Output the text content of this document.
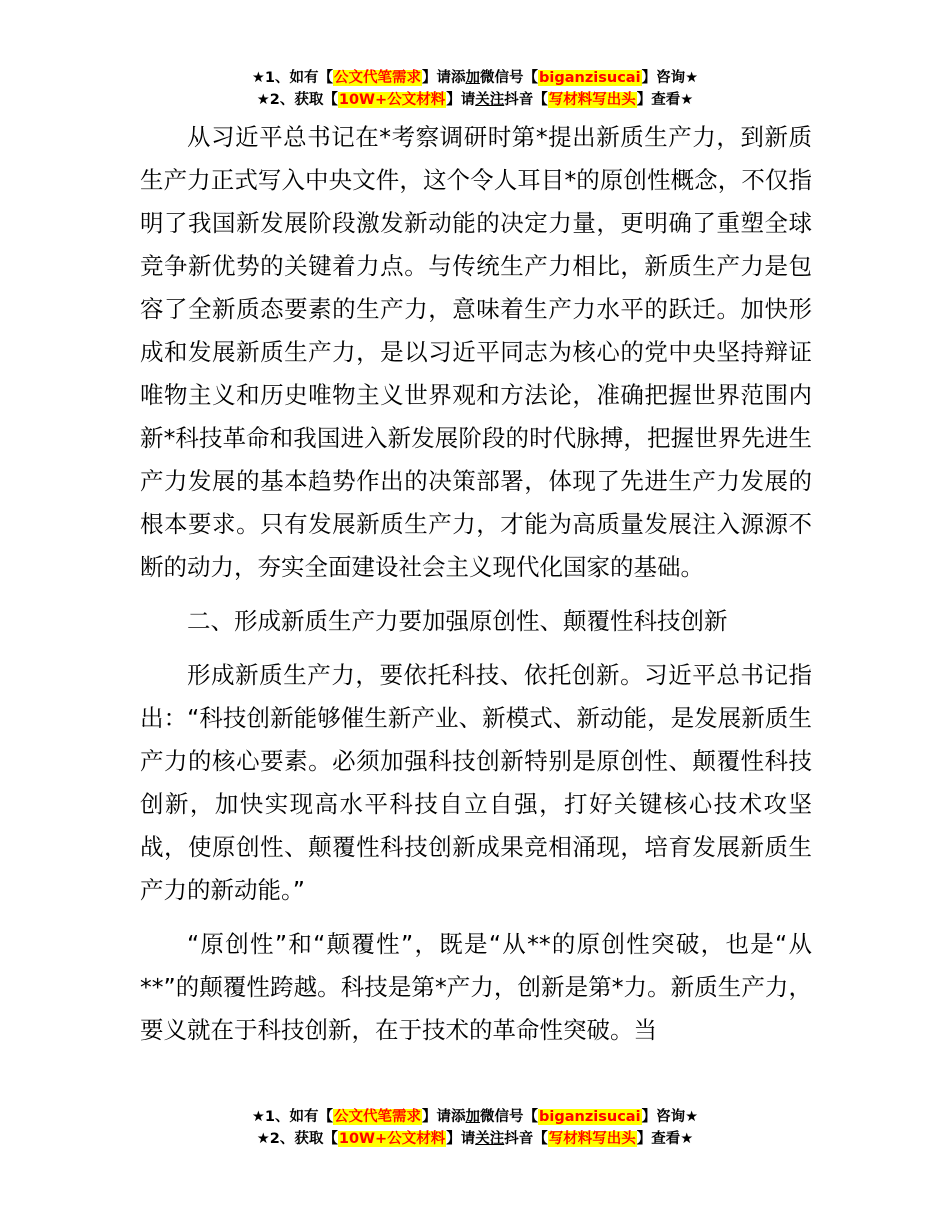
★1、如有【公文代笔需求】请添加微信号【biganzisucai】咨询★
★2、获取【10W+公文材料】请关注抖音【写材料写出头】查看★

从习近平总书记在*考察调研时第*提出新质生产力，到新质生产力正式写入中央文件，这个令人耳目*的原创性概念，不仅指明了我国新发展阶段激发新动能的决定力量，更明确了重塑全球竞争新优势的关键着力点。与传统生产力相比，新质生产力是包容了全新质态要素的生产力，意味着生产力水平的跃迁。加快形成和发展新质生产力，是以习近平同志为核心的党中央坚持辩证唯物主义和历史唯物主义世界观和方法论，准确把握世界范围内新*科技革命和我国进入新发展阶段的时代脉搏，把握世界先进生产力发展的基本趋势作出的决策部署，体现了先进生产力发展的根本要求。只有发展新质生产力，才能为高质量发展注入源源不断的动力，夯实全面建设社会主义现代化国家的基础。

二、形成新质生产力要加强原创性、颠覆性科技创新

形成新质生产力，要依托科技、依托创新。习近平总书记指出：“科技创新能够催生新产业、新模式、新动能，是发展新质生产力的核心要素。必须加强科技创新特别是原创性、颠覆性科技创新，加快实现高水平科技自立自强，打好关键核心技术攻坚战，使原创性、颠覆性科技创新成果竞相涌现，培育发展新质生产力的新动能。”

“原创性”和“颠覆性”，既是“从**的原创性突破，也是“从**”的颠覆性跨越。科技是第*产力，创新是第*力。新质生产力，要义就在于科技创新，在于技术的革命性突破。当

★1、如有【公文代笔需求】请添加微信号【biganzisucai】咨询★
★2、获取【10W+公文材料】请关注抖音【写材料写出头】查看★
